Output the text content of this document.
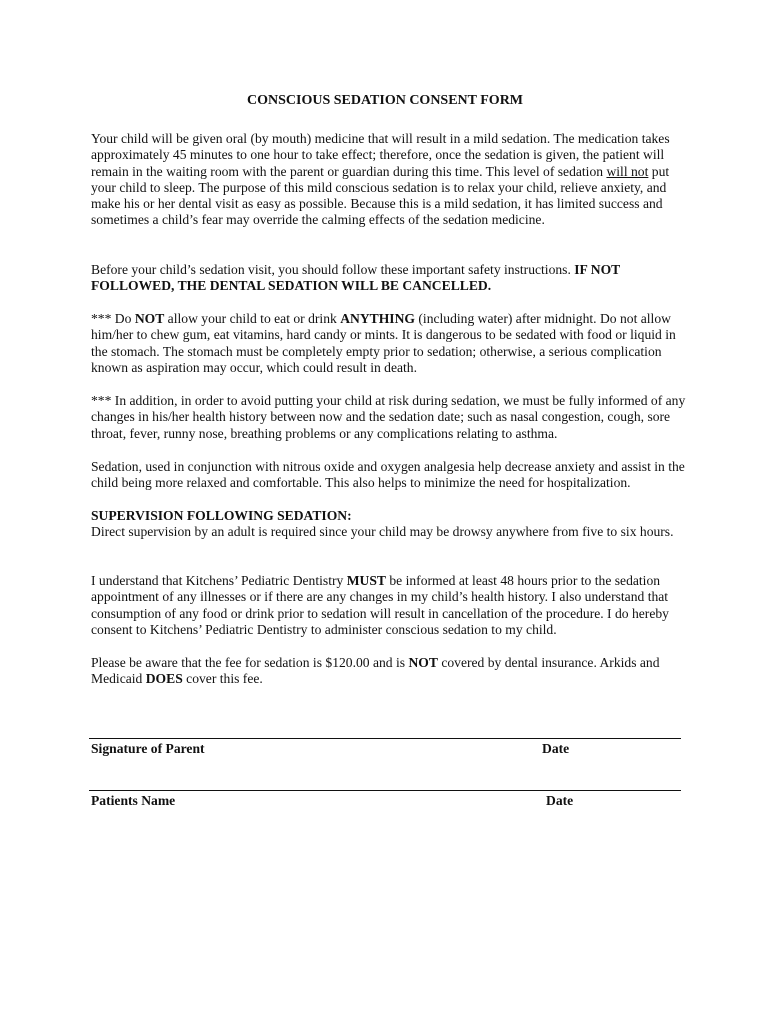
CONSCIOUS SEDATION CONSENT FORM

Your child will be given oral (by mouth) medicine that will result in a mild sedation. The medication takes approximately 45 minutes to one hour to take effect; therefore, once the sedation is given, the patient will remain in the waiting room with the parent or guardian during this time. This level of sedation will not put your child to sleep. The purpose of this mild conscious sedation is to relax your child, relieve anxiety, and make his or her dental visit as easy as possible. Because this is a mild sedation, it has limited success and sometimes a child’s fear may override the calming effects of the sedation medicine.

Before your child’s sedation visit, you should follow these important safety instructions. IF NOT FOLLOWED, THE DENTAL SEDATION WILL BE CANCELLED.

*** Do NOT allow your child to eat or drink ANYTHING (including water) after midnight. Do not allow him/her to chew gum, eat vitamins, hard candy or mints. It is dangerous to be sedated with food or liquid in the stomach. The stomach must be completely empty prior to sedation; otherwise, a serious complication known as aspiration may occur, which could result in death.

*** In addition, in order to avoid putting your child at risk during sedation, we must be fully informed of any changes in his/her health history between now and the sedation date; such as nasal congestion, cough, sore throat, fever, runny nose, breathing problems or any complications relating to asthma.

Sedation, used in conjunction with nitrous oxide and oxygen analgesia help decrease anxiety and assist in the child being more relaxed and comfortable. This also helps to minimize the need for hospitalization.

SUPERVISION FOLLOWING SEDATION:
Direct supervision by an adult is required since your child may be drowsy anywhere from five to six hours.

I understand that Kitchens’ Pediatric Dentistry MUST be informed at least 48 hours prior to the sedation appointment of any illnesses or if there are any changes in my child’s health history. I also understand that consumption of any food or drink prior to sedation will result in cancellation of the procedure. I do hereby consent to Kitchens’ Pediatric Dentistry to administer conscious sedation to my child.

Please be aware that the fee for sedation is $120.00 and is NOT covered by dental insurance. Arkids and Medicaid DOES cover this fee.

Signature of Parent	Date

Patients Name	Date
